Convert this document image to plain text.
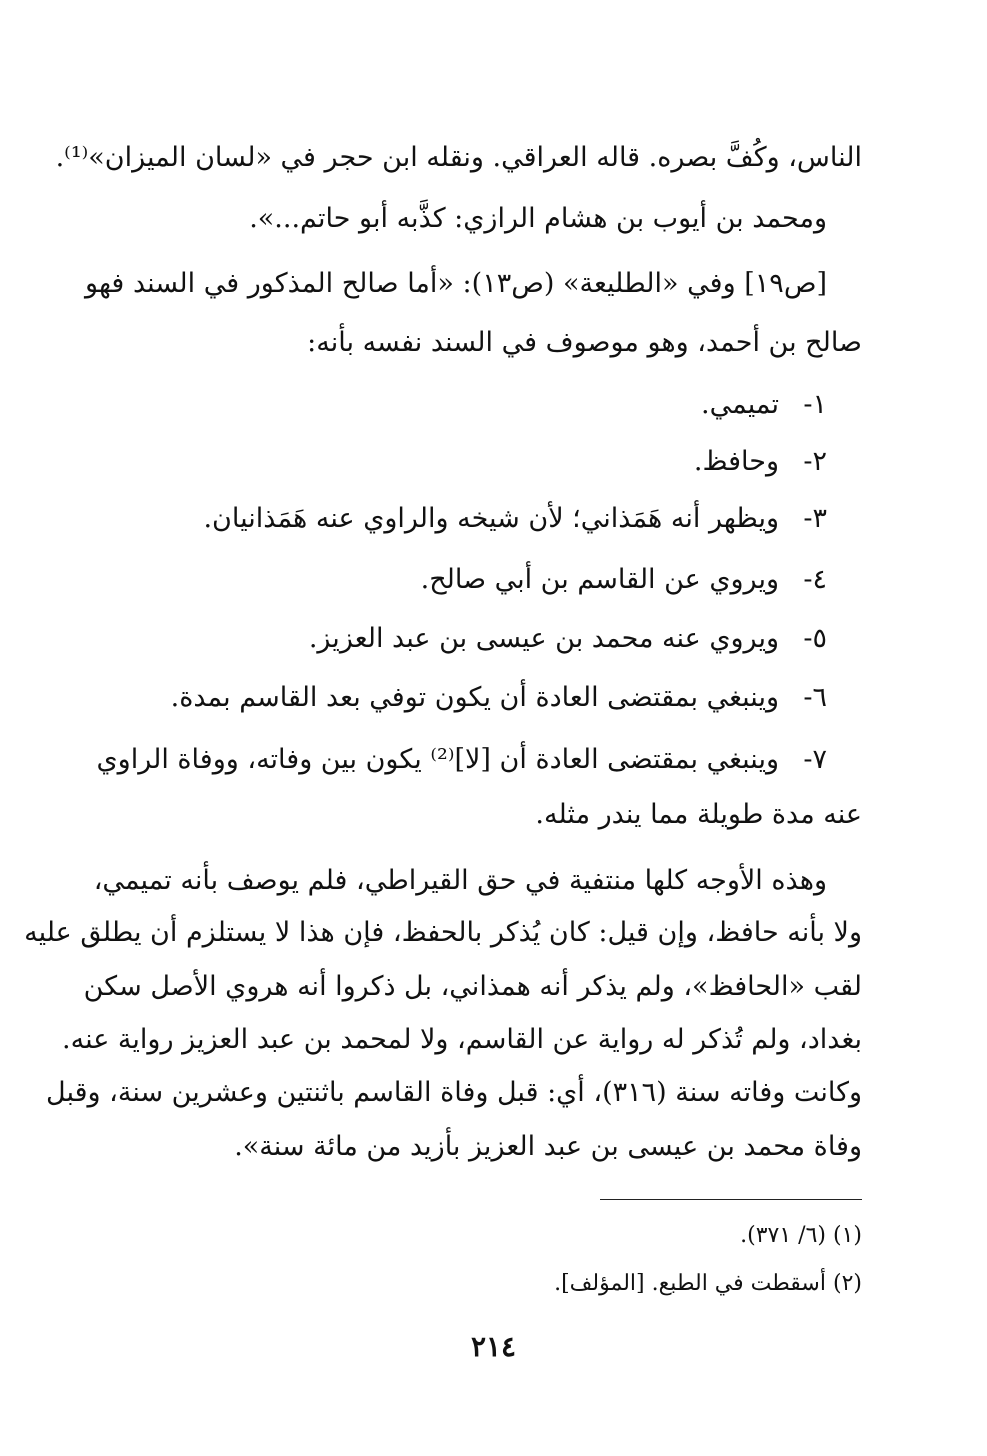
الناس، وكُفَّ بصره. قاله العراقي. ونقله ابن حجر في «لسان الميزان»⁽¹⁾.
ومحمد بن أيوب بن هشام الرازي: كذَّبه أبو حاتم...».
[ص١٩] وفي «الطليعة» (ص١٣): «أما صالح المذكور في السند فهو
صالح بن أحمد، وهو موصوف في السند نفسه بأنه:
١-
تميمي.
٢-
وحافظ.
٣-
ويظهر أنه هَمَذاني؛ لأن شيخه والراوي عنه هَمَذانيان.
٤-
ويروي عن القاسم بن أبي صالح.
٥-
ويروي عنه محمد بن عيسى بن عبد العزيز.
٦-
وينبغي بمقتضى العادة أن يكون توفي بعد القاسم بمدة.
٧-
وينبغي بمقتضى العادة أن [لا]⁽²⁾ يكون بين وفاته، ووفاة الراوي
عنه مدة طويلة مما يندر مثله.
وهذه الأوجه كلها منتفية في حق القيراطي، فلم يوصف بأنه تميمي،
ولا بأنه حافظ، وإن قيل: كان يُذكر بالحفظ، فإن هذا لا يستلزم أن يطلق عليه
لقب «الحافظ»، ولم يذكر أنه همذاني، بل ذكروا أنه هروي الأصل سكن
بغداد، ولم تُذكر له رواية عن القاسم، ولا لمحمد بن عبد العزيز رواية عنه.
وكانت وفاته سنة (٣١٦)، أي: قبل وفاة القاسم باثنتين وعشرين سنة، وقبل
وفاة محمد بن عيسى بن عبد العزيز بأزيد من مائة سنة».
(١) (٦/ ٣٧١).
(٢) أسقطت في الطبع. [المؤلف].
٢١٤
